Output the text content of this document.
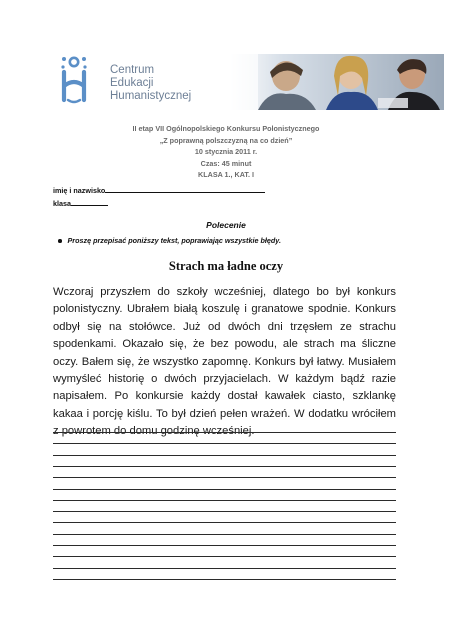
Centrum
Edukacji
Humanistycznej
II etap VII Ogólnopolskiego Konkursu Polonistycznego
„Z poprawną polszczyzną na co dzień”
10 stycznia 2011 r.
Czas: 45 minut
KLASA 1., KAT. I
imię i nazwisko
klasa
Polecenie
Proszę przepisać poniższy tekst, poprawiając wszystkie błędy.
Strach ma ładne oczy
Wczoraj przyszłem do szkoły wcześniej, dlatego bo był konkurs polonistyczny. Ubrałem białą koszulę i granatowe spodnie. Konkurs odbył się na stołówce. Już od dwóch dni trzęsłem ze strachu spodenkami. Okazało się, że bez powodu, ale strach ma śliczne oczy. Bałem się, że wszystko zapomnę. Konkurs był łatwy. Musiałem wymyśleć historię o dwóch przyjacielach. W każdym bądź razie napisałem. Po konkursie każdy dostał kawałek ciasto, szklankę kakaa i porcję kiślu. To był dzień pełen wrażeń. W dodatku wróciłem z powrotem do domu godzinę wcześniej.
